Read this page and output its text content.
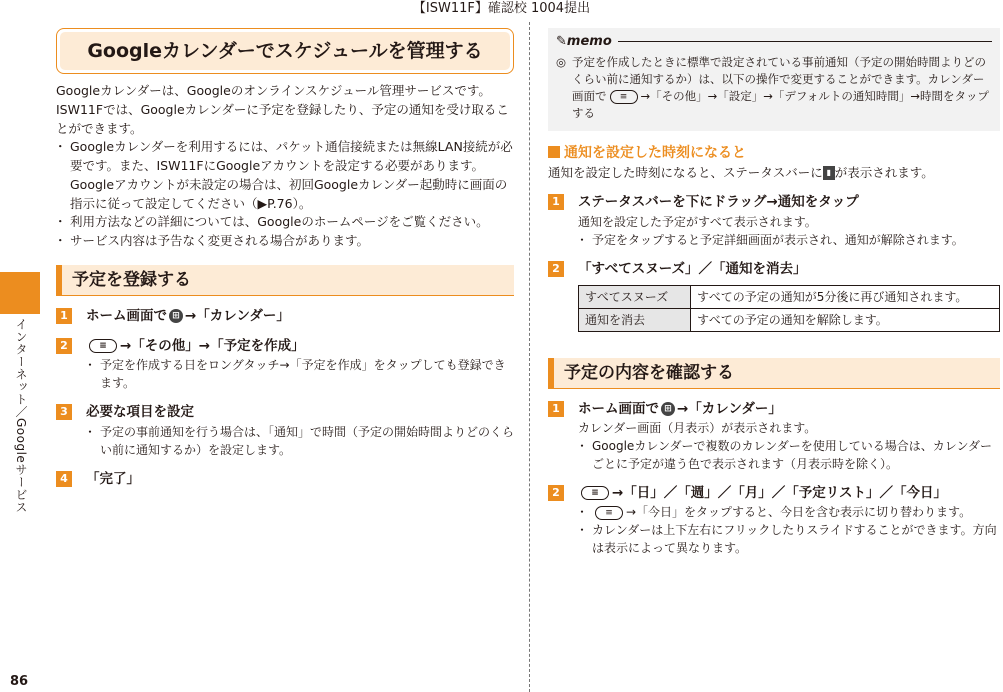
【ISW11F】確認校 1004提出
インターネット／Googleサービス
86
Googleカレンダーでスケジュールを管理する

Googleカレンダーは、Googleのオンラインスケジュール管理サービスです。

ISW11Fでは、Googleカレンダーに予定を登録したり、予定の通知を受け取ることができます。

・ Googleカレンダーを利用するには、パケット通信接続または無線LAN接続が必要です。また、ISW11FにGoogleアカウントを設定する必要があります。Googleアカウントが未設定の場合は、初回Googleカレンダー起動時に画面の指示に従って設定してください（▶P.76）。
・ 利用方法などの詳細については、Googleのホームページをご覧ください。
・ サービス内容は予告なく変更される場合があります。
予定を登録する
1	ホーム画面で ⊞ →「カレンダー」
2	≡ →「その他」→「予定を作成」
・ 予定を作成する日をロングタッチ→「予定を作成」をタップしても登録できます。
3	必要な項目を設定
・ 予定の事前通知を行う場合は、「通知」で時間（予定の開始時間よりどのくらい前に通知するか）を設定します。
4	「完了」
✎ memo
◎ 予定を作成したときに標準で設定されている事前通知（予定の開始時間よりどのくらい前に通知するか）は、以下の操作で変更することができます。カレンダー画面で ≡ →「その他」→「設定」→「デフォルトの通知時間」→時間をタップする
通知を設定した時刻になると

通知を設定した時刻になると、ステータスバーに ▮ が表示されます。

1	ステータスバーを下にドラッグ→通知をタップ

通知を設定した予定がすべて表示されます。

・ 予定をタップすると予定詳細画面が表示され、通知が解除されます。
2	「すべてスヌーズ」／「通知を消去」
すべてスヌーズ	すべての予定の通知が5分後に再び通知されます。
通知を消去	すべての予定の通知を解除します。
予定の内容を確認する
1	ホーム画面で ⊞ →「カレンダー」

カレンダー画面（月表示）が表示されます。

・ Googleカレンダーで複数のカレンダーを使用している場合は、カレンダーごとに予定が違う色で表示されます（月表示時を除く）。
2	≡ →「日」／「週」／「月」／「予定リスト」／「今日」
・ ≡ →「今日」をタップすると、今日を含む表示に切り替わります。
・ カレンダーは上下左右にフリックしたりスライドすることができます。方向は表示によって異なります。
